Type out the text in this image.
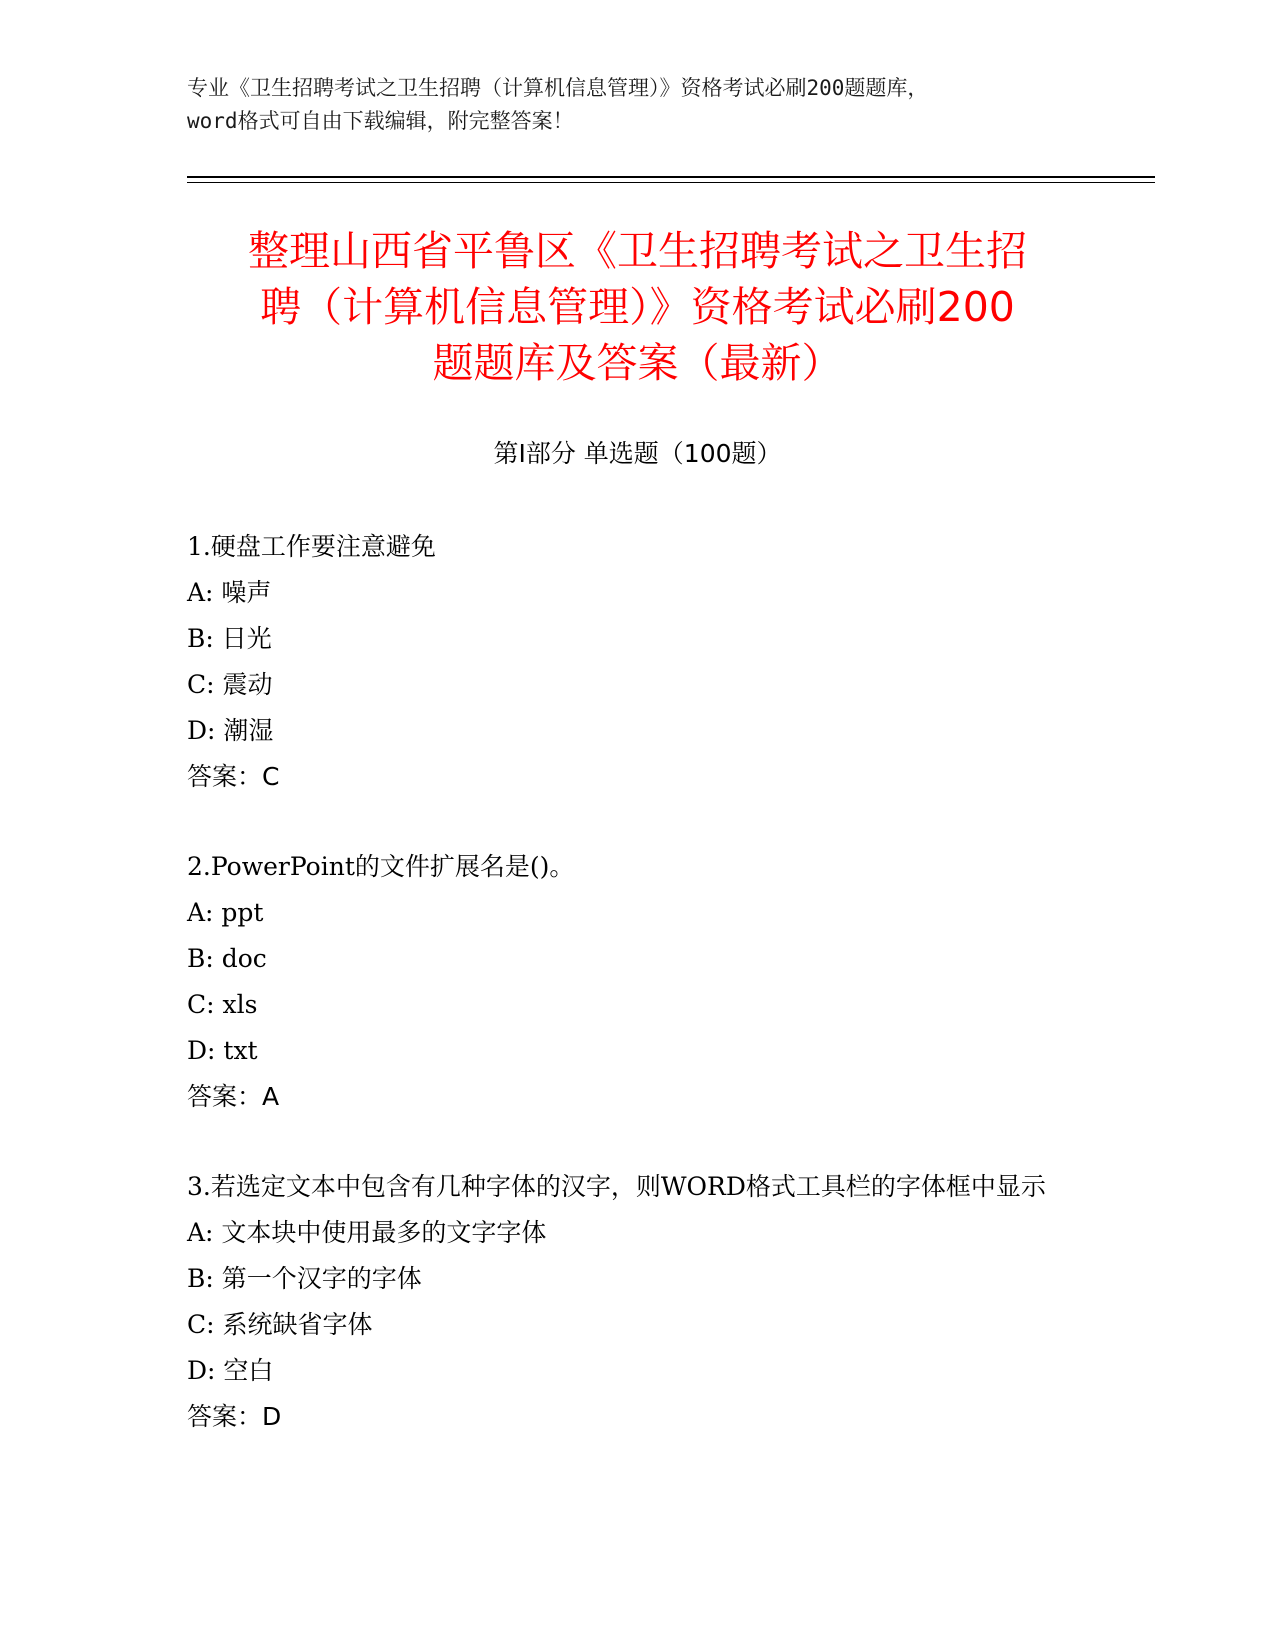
专业《卫生招聘考试之卫生招聘（计算机信息管理）》资格考试必刷200题题库，
word格式可自由下载编辑，附完整答案！
整理山西省平鲁区《卫生招聘考试之卫生招
聘（计算机信息管理）》资格考试必刷200
题题库及答案（最新）
第Ⅰ部分 单选题（100题）
1.硬盘工作要注意避免
A: 噪声
B: 日光
C: 震动
D: 潮湿
答案：C
2.PowerPoint的文件扩展名是()。
A: ppt
B: doc
C: xls
D: txt
答案：A
3.若选定文本中包含有几种字体的汉字，则WORD格式工具栏的字体框中显示
A: 文本块中使用最多的文字字体
B: 第一个汉字的字体
C: 系统缺省字体
D: 空白
答案：D
